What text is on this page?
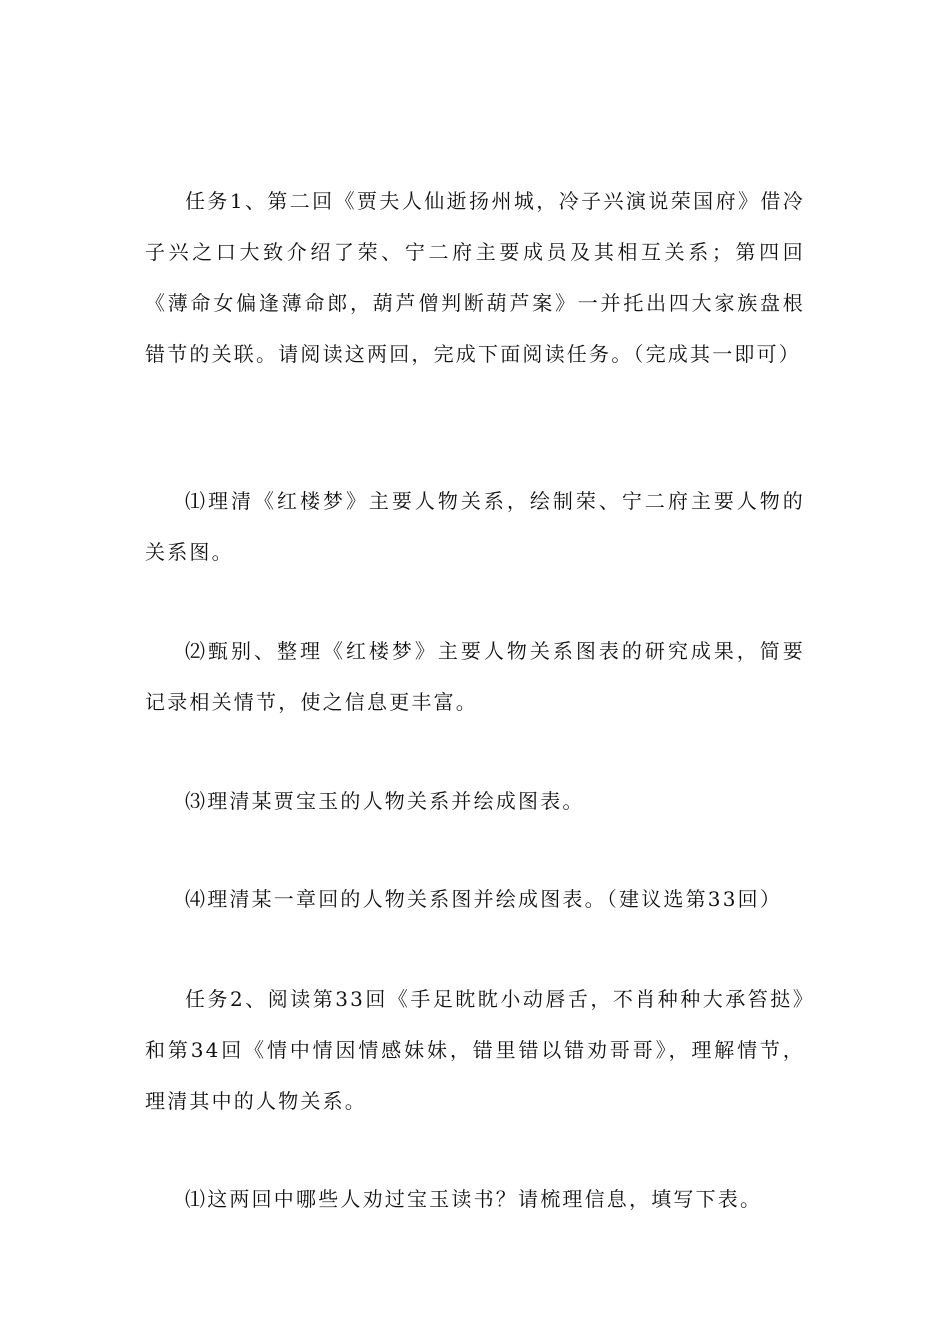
任务1、第二回《贾夫人仙逝扬州城，冷子兴演说荣国府》借冷子兴之口大致介绍了荣、宁二府主要成员及其相互关系；第四回《薄命女偏逢薄命郎，葫芦僧判断葫芦案》一并托出四大家族盘根错节的关联。请阅读这两回，完成下面阅读任务。（完成其一即可）

⑴理清《红楼梦》主要人物关系，绘制荣、宁二府主要人物的关系图。

⑵甄别、整理《红楼梦》主要人物关系图表的研究成果，简要记录相关情节，使之信息更丰富。

⑶理清某贾宝玉的人物关系并绘成图表。

⑷理清某一章回的人物关系图并绘成图表。（建议选第33回）

任务2、阅读第33回《手足眈眈小动唇舌，不肖种种大承笞挞》和第34回《情中情因情感妹妹，错里错以错劝哥哥》，理解情节，理清其中的人物关系。

⑴这两回中哪些人劝过宝玉读书？请梳理信息，填写下表。
